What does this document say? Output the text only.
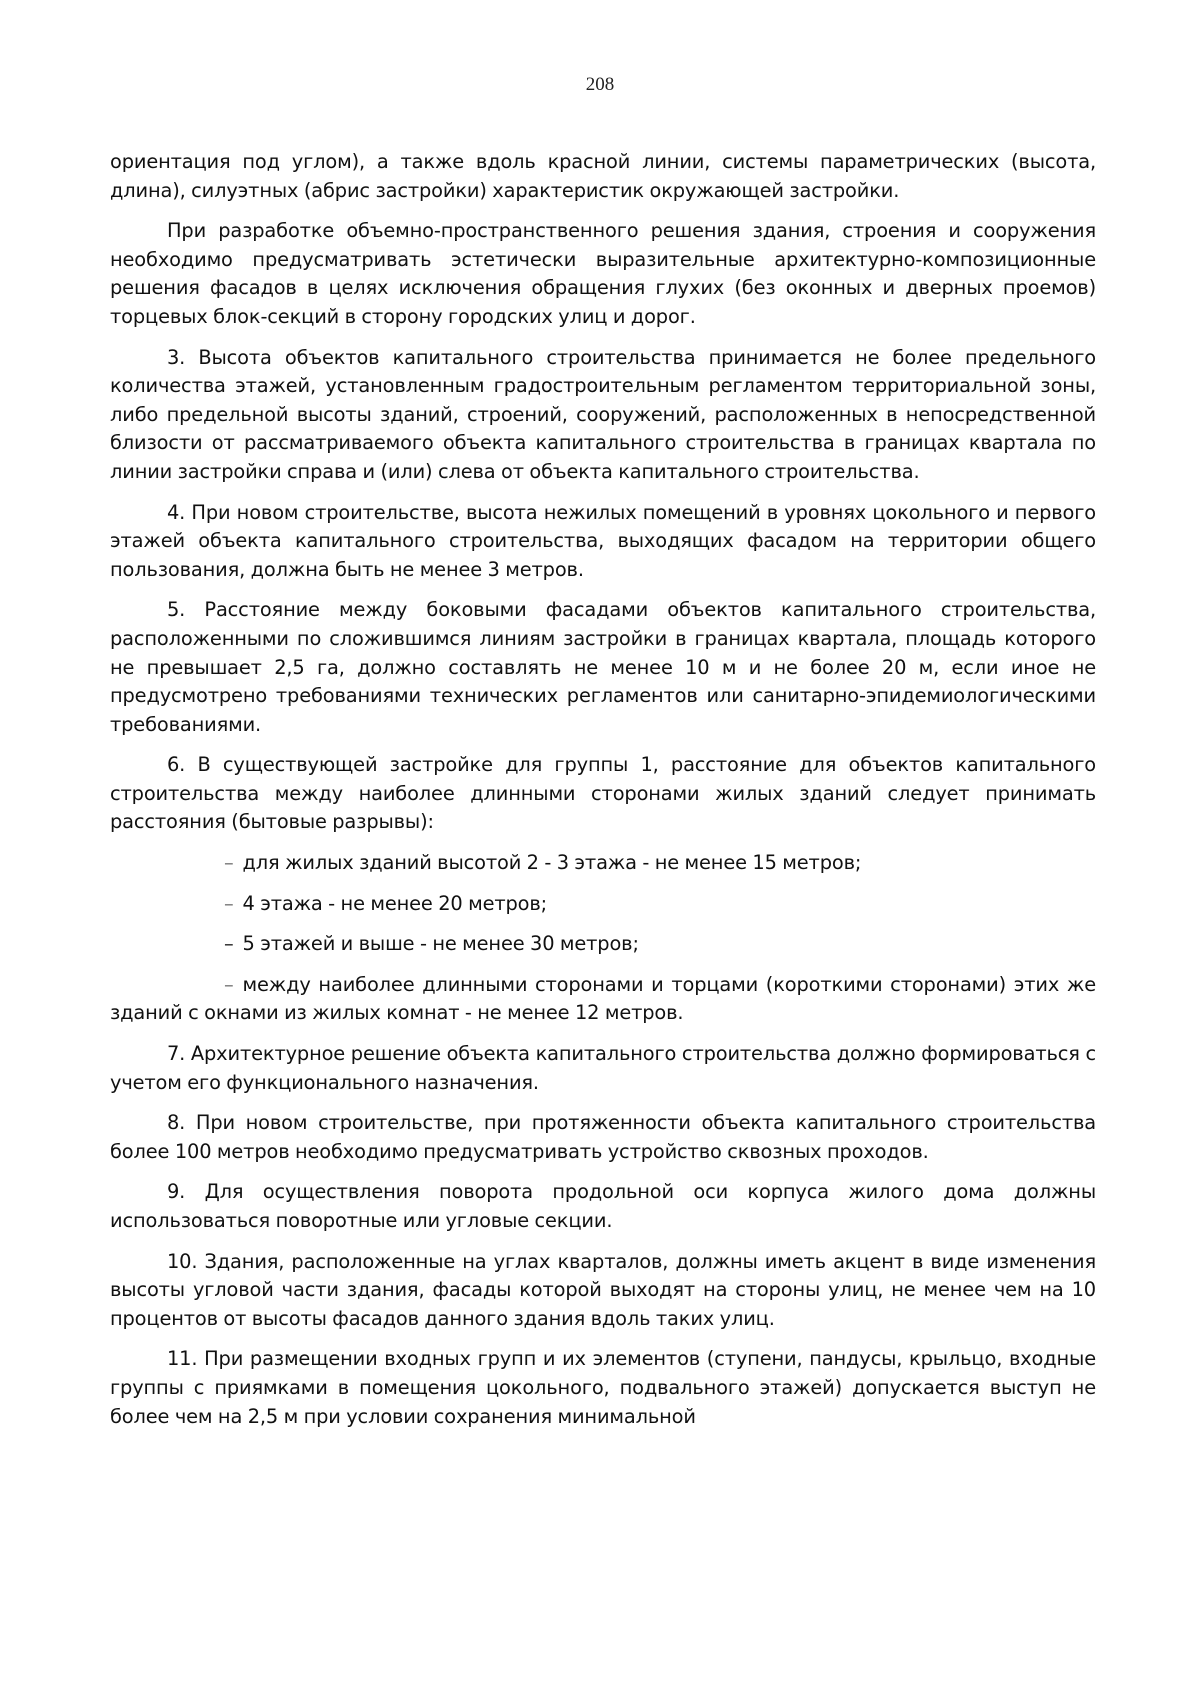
208

ориентация под углом), а также вдоль красной линии, системы параметрических (высота, длина), силуэтных (абрис застройки) характеристик окружающей застройки.

При разработке объемно-пространственного решения здания, строения и сооружения необходимо предусматривать эстетически выразительные архитектурно-композиционные решения фасадов в целях исключения обращения глухих (без оконных и дверных проемов) торцевых блок-секций в сторону городских улиц и дорог.

3. Высота объектов капитального строительства принимается не более предельного количества этажей, установленным градостроительным регламентом территориальной зоны, либо предельной высоты зданий, строений, сооружений, расположенных в непосредственной близости от рассматриваемого объекта капитального строительства в границах квартала по линии застройки справа и (или) слева от объекта капитального строительства.

4. При новом строительстве, высота нежилых помещений в уровнях цокольного и первого этажей объекта капитального строительства, выходящих фасадом на территории общего пользования, должна быть не менее 3 метров.

5. Расстояние между боковыми фасадами объектов капитального строительства, расположенными по сложившимся линиям застройки в границах квартала, площадь которого не превышает 2,5 га, должно составлять не менее 10 м и не более 20 м, если иное не предусмотрено требованиями технических регламентов или санитарно-эпидемиологическими требованиями.

6. В существующей застройке для группы 1, расстояние для объектов капитального строительства между наиболее длинными сторонами жилых зданий следует принимать расстояния (бытовые разрывы):

– для жилых зданий высотой 2 - 3 этажа - не менее 15 метров;

– 4 этажа - не менее 20 метров;

– 5 этажей и выше - не менее 30 метров;

– между наиболее длинными сторонами и торцами (короткими сторонами) этих же зданий с окнами из жилых комнат - не менее 12 метров.

7. Архитектурное решение объекта капитального строительства должно формироваться с учетом его функционального назначения.

8. При новом строительстве, при протяженности объекта капитального строительства более 100 метров необходимо предусматривать устройство сквозных проходов.

9. Для осуществления поворота продольной оси корпуса жилого дома должны использоваться поворотные или угловые секции.

10. Здания, расположенные на углах кварталов, должны иметь акцент в виде изменения высоты угловой части здания, фасады которой выходят на стороны улиц, не менее чем на 10 процентов от высоты фасадов данного здания вдоль таких улиц.

11. При размещении входных групп и их элементов (ступени, пандусы, крыльцо, входные группы с приямками в помещения цокольного, подвального этажей) допускается выступ не более чем на 2,5 м при условии сохранения минимальной
